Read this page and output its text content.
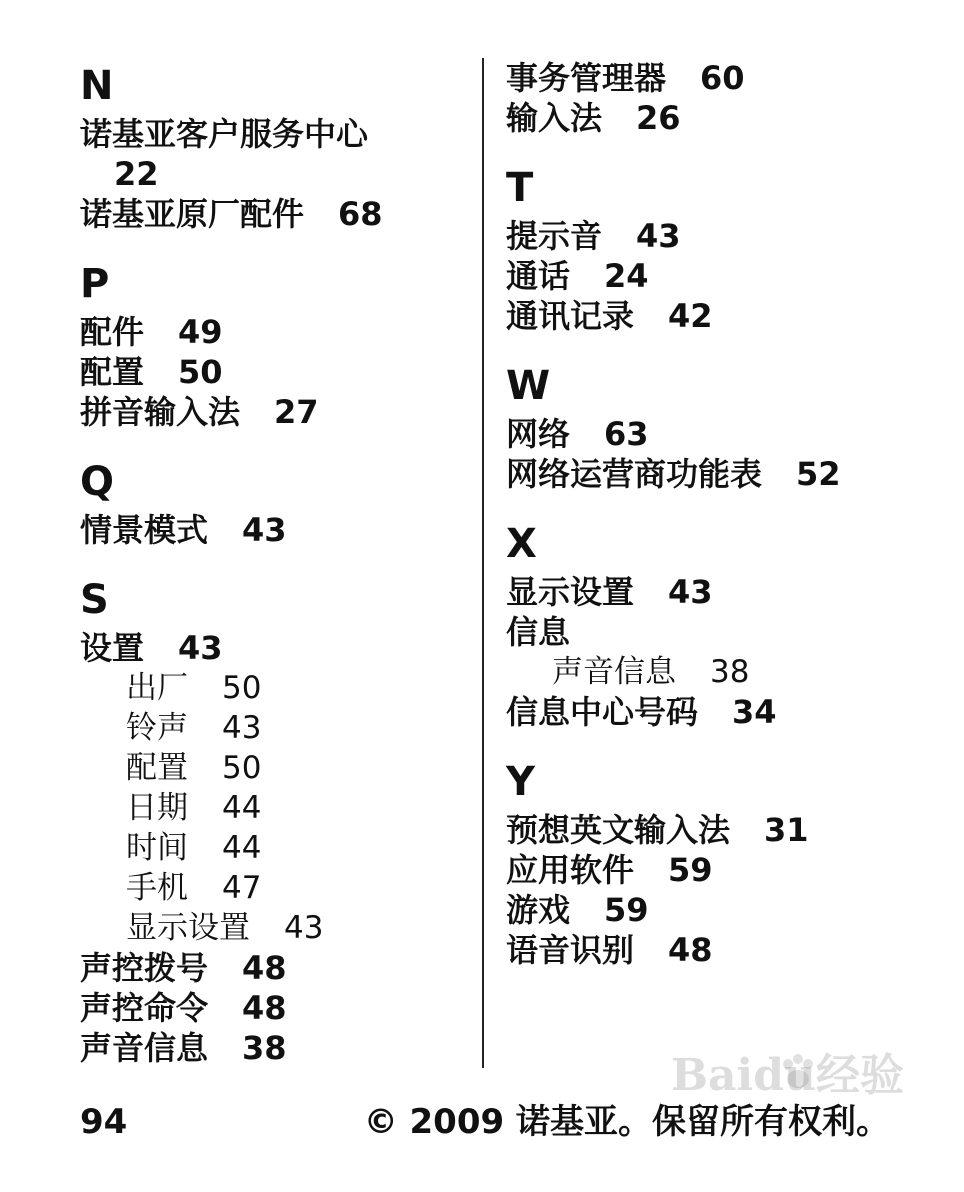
N
诺基亚客户服务中心22
诺基亚原厂配件 68
P
配件 49
配置 50
拼音输入法 27
Q
情景模式 43
S
设置 43
出厂 50
铃声 43
配置 50
日期 44
时间 44
手机 47
显示设置 43
声控拨号 48
声控命令 48
声音信息 38
事务管理器 60
输入法 26
T
提示音 43
通话 24
通讯记录 42
W
网络 63
网络运营商功能表 52
X
显示设置 43
信息
声音信息 38
信息中心号码 34
Y
预想英文输入法 31
应用软件 59
游戏 59
语音识别 48
Baidu经验
94	© 2009 诺基亚。保留所有权利。
